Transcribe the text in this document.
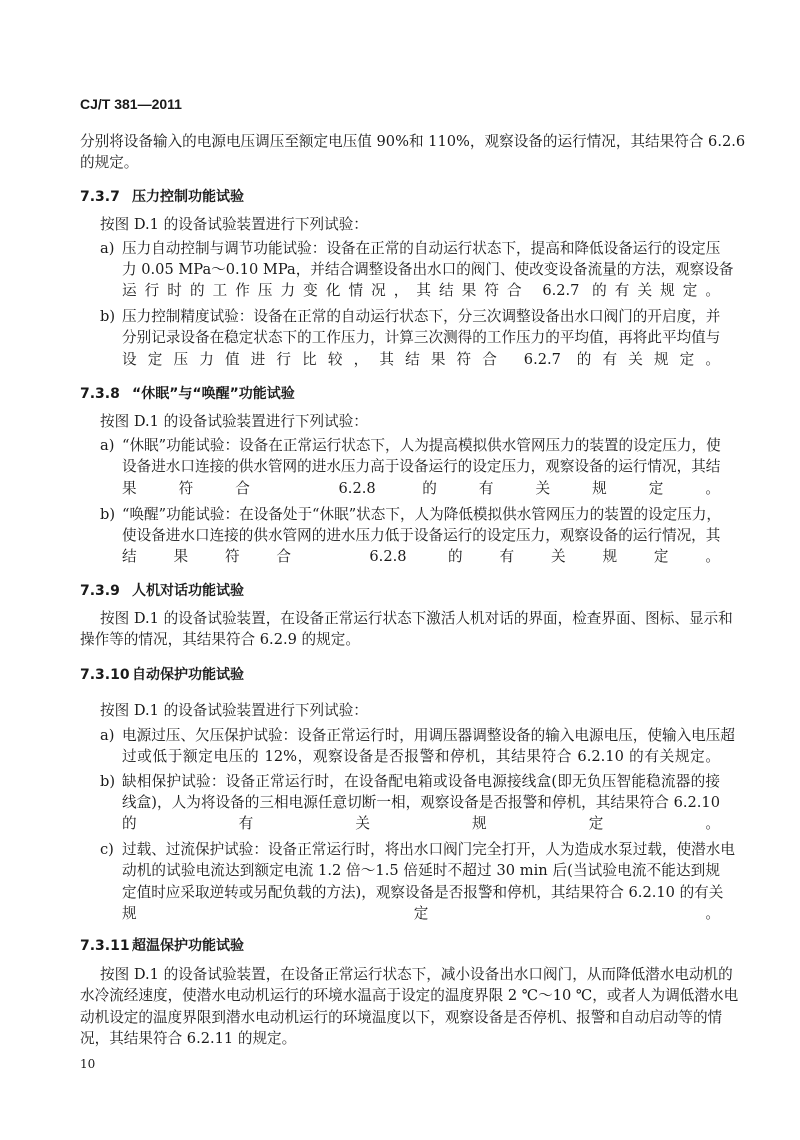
CJ/T 381—2011
分别将设备输入的电源电压调压至额定电压值 90%和 110%，观察设备的运行情况，其结果符合 6.2.6
的规定。
7.3.7 压力控制功能试验
按图 D.1 的设备试验装置进行下列试验：
a) 压力自动控制与调节功能试验：设备在正常的自动运行状态下，提高和降低设备运行的设定压
力 0.05 MPa～0.10 MPa，并结合调整设备出水口的阀门、使改变设备流量的方法，观察设备
运行时的工作压力变化情况，其结果符合 6.2.7 的有关规定。
b) 压力控制精度试验：设备在正常的自动运行状态下，分三次调整设备出水口阀门的开启度，并
分别记录设备在稳定状态下的工作压力，计算三次测得的工作压力的平均值，再将此平均值与
设定压力值进行比较，其结果符合 6.2.7 的有关规定。
7.3.8 “休眠”与“唤醒”功能试验
按图 D.1 的设备试验装置进行下列试验：
a) “休眠”功能试验：设备在正常运行状态下，人为提高模拟供水管网压力的装置的设定压力，使
设备进水口连接的供水管网的进水压力高于设备运行的设定压力，观察设备的运行情况，其结
果符合 6.2.8 的有关规定。
b) “唤醒”功能试验：在设备处于“休眠”状态下，人为降低模拟供水管网压力的装置的设定压力，
使设备进水口连接的供水管网的进水压力低于设备运行的设定压力，观察设备的运行情况，其
结果符合 6.2.8 的有关规定。
7.3.9 人机对话功能试验
按图 D.1 的设备试验装置，在设备正常运行状态下激活人机对话的界面，检查界面、图标、显示和
操作等的情况，其结果符合 6.2.9 的规定。
7.3.10 自动保护功能试验
按图 D.1 的设备试验装置进行下列试验：
a) 电源过压、欠压保护试验：设备正常运行时，用调压器调整设备的输入电源电压，使输入电压超
过或低于额定电压的 12%，观察设备是否报警和停机，其结果符合 6.2.10 的有关规定。
b) 缺相保护试验：设备正常运行时，在设备配电箱或设备电源接线盒(即无负压智能稳流器的接
线盒)，人为将设备的三相电源任意切断一相，观察设备是否报警和停机，其结果符合 6.2.10
的有关规定。
c) 过载、过流保护试验：设备正常运行时，将出水口阀门完全打开，人为造成水泵过载，使潜水电
动机的试验电流达到额定电流 1.2 倍～1.5 倍延时不超过 30 min 后(当试验电流不能达到规
定值时应采取逆转或另配负载的方法)，观察设备是否报警和停机，其结果符合 6.2.10 的有关
规定。
7.3.11 超温保护功能试验
按图 D.1 的设备试验装置，在设备正常运行状态下，减小设备出水口阀门，从而降低潜水电动机的
水冷流经速度，使潜水电动机运行的环境水温高于设定的温度界限 2 ℃～10 ℃，或者人为调低潜水电
动机设定的温度界限到潜水电动机运行的环境温度以下，观察设备是否停机、报警和自动启动等的情
况，其结果符合 6.2.11 的规定。
10
